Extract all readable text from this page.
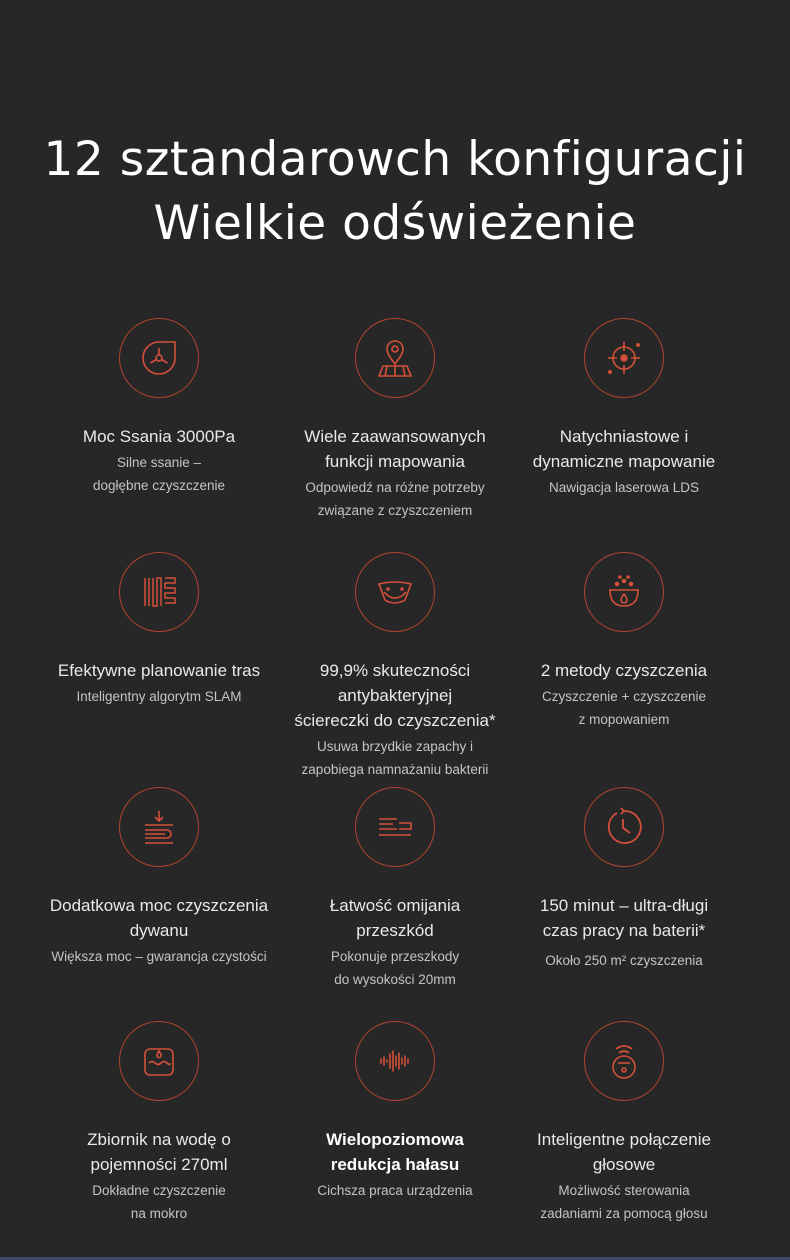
12 sztandarowch konfiguracji
Wielkie odświeżenie
Moc Ssania 3000Pa
Silne ssanie –
dogłębne czyszczenie
Wiele zaawansowanych
funkcji mapowania
Odpowiedź na różne potrzeby
związane z czyszczeniem
Natychniastowe i
dynamiczne mapowanie
Nawigacja laserowa LDS
Efektywne planowanie tras
Inteligentny algorytm SLAM
99,9% skuteczności
antybakteryjnej
ściereczki do czyszczenia*
Usuwa brzydkie zapachy i
zapobiega namnażaniu bakterii
2 metody czyszczenia
Czyszczenie + czyszczenie
z mopowaniem
Dodatkowa moc czyszczenia
dywanu
Większa moc – gwarancja czystości
Łatwość omijania
przeszkód
Pokonuje przeszkody
do wysokości 20mm
150 minut – ultra-długi
czas pracy na baterii*
Około 250 m² czyszczenia
Zbiornik na wodę o
pojemności 270ml
Dokładne czyszczenie
na mokro
Wielopoziomowa
redukcja hałasu
Cichsza praca urządzenia
Inteligentne połączenie
głosowe
Możliwość sterowania
zadaniami za pomocą głosu
